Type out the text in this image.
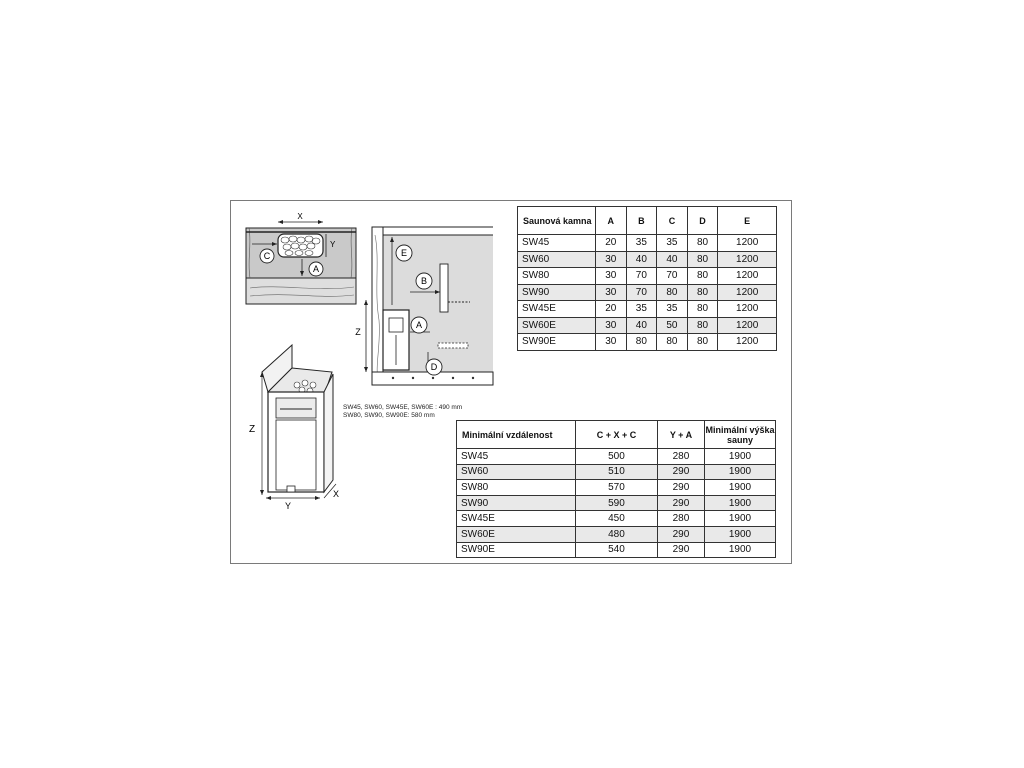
X
Y
C
A
E
B
A
D
Z
Z
Y
X
SW45, SW60, SW45E, SW60E : 490 mm
SW80, SW90, SW90E: 580 mm
Saunová kamna	A	B	C	D	E
SW45	20	35	35	80	1200
SW60	30	40	40	80	1200
SW80	30	70	70	80	1200
SW90	30	70	80	80	1200
SW45E	20	35	35	80	1200
SW60E	30	40	50	80	1200
SW90E	30	80	80	80	1200
Minimální vzdálenost	C + X + C	Y + A	Minimální výška sauny
SW45	500	280	1900
SW60	510	290	1900
SW80	570	290	1900
SW90	590	290	1900
SW45E	450	280	1900
SW60E	480	290	1900
SW90E	540	290	1900
